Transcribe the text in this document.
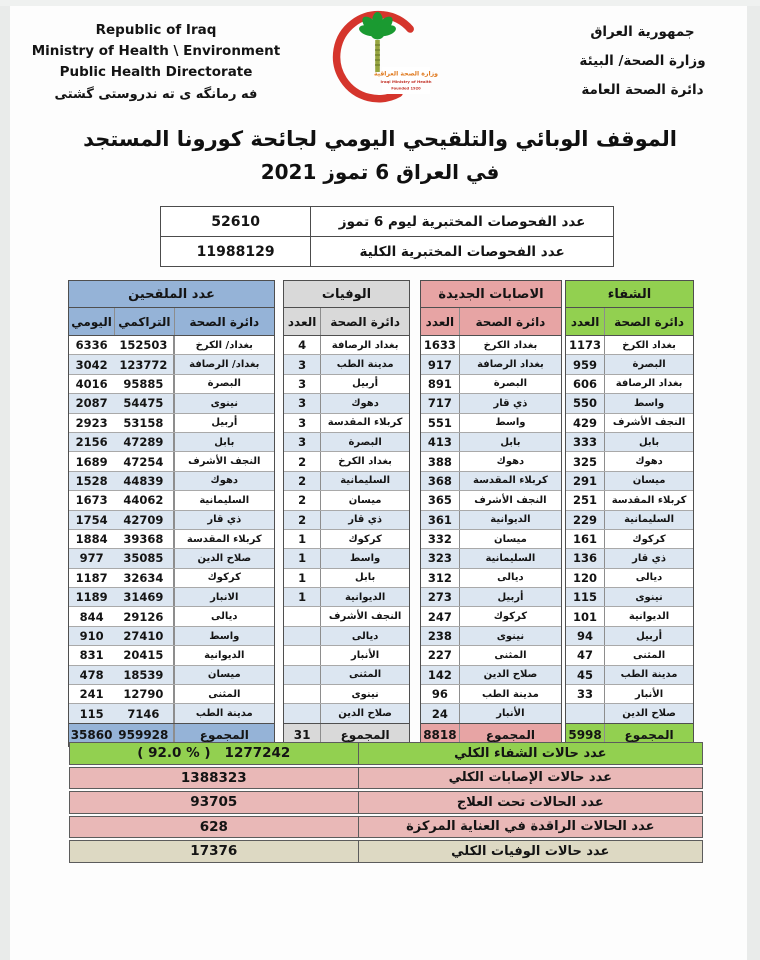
Republic of Iraq
Ministry of Health \ Environment
Public Health Directorate
فه رمانگه ى ته ندروستى گشتى
وزارة الصحة العراقية
Iraqi Ministry of Health
Founded 1920
جمهورية العراق
وزارة الصحة/ البيئة
دائرة الصحة العامة
الموقف الوبائي والتلقيحي اليومي لجائحة كورونا المستجد
في العراق 6 تموز 2021
عدد الفحوصات المختبرية ليوم 6 تموز
52610
عدد الفحوصات المختبرية الكلية
11988129
عدد الملقحين
دائرة الصحة
التراكمي
اليومي
بغداد/ الكرخ
152503
6336
بغداد/ الرصافة
123772
3042
البصرة
95885
4016
نينوى
54475
2087
أربيل
53158
2923
بابل
47289
2156
النجف الأشرف
47254
1689
دهوك
44839
1528
السليمانية
44062
1673
ذي قار
42709
1754
كربلاء المقدسة
39368
1884
صلاح الدين
35085
977
كركوك
32634
1187
الانبار
31469
1189
ديالى
29126
844
واسط
27410
910
الديوانية
20415
831
ميسان
18539
478
المثنى
12790
241
مدينة الطب
7146
115
المجموع
959928
35860
الوفيات
دائرة الصحة
العدد
بغداد الرصافة
4
مدينة الطب
3
أربيل
3
دهوك
3
كربلاء المقدسة
3
البصرة
3
بغداد الكرخ
2
السليمانية
2
ميسان
2
ذي قار
2
كركوك
1
واسط
1
بابل
1
الديوانية
1
النجف الأشرف
ديالى
الأنبار
المثنى
نينوى
صلاح الدين
المجموع
31
الاصابات الجديدة
دائرة الصحة
العدد
بغداد الكرخ
1633
بغداد الرصافة
917
البصرة
891
ذي قار
717
واسط
551
بابل
413
دهوك
388
كربلاء المقدسة
368
النجف الأشرف
365
الديوانية
361
ميسان
332
السليمانية
323
ديالى
312
أربيل
273
كركوك
247
نينوى
238
المثنى
227
صلاح الدين
142
مدينة الطب
96
الأنبار
24
المجموع
8818
الشفاء
دائرة الصحة
العدد
بغداد الكرخ
1173
البصرة
959
بغداد الرصافة
606
واسط
550
النجف الأشرف
429
بابل
333
دهوك
325
ميسان
291
كربلاء المقدسة
251
السليمانية
229
كركوك
161
ذي قار
136
ديالى
120
نينوى
115
الديوانية
101
أربيل
94
المثنى
47
مدينة الطب
45
الأنبار
33
صلاح الدين
المجموع
5998
عدد حالات الشفاء الكلي
( 92.0 % ) 1277242
عدد حالات الإصابات الكلي
1388323
عدد الحالات تحت العلاج
93705
عدد الحالات الراقدة في العناية المركزة
628
عدد حالات الوفيات الكلي
17376
